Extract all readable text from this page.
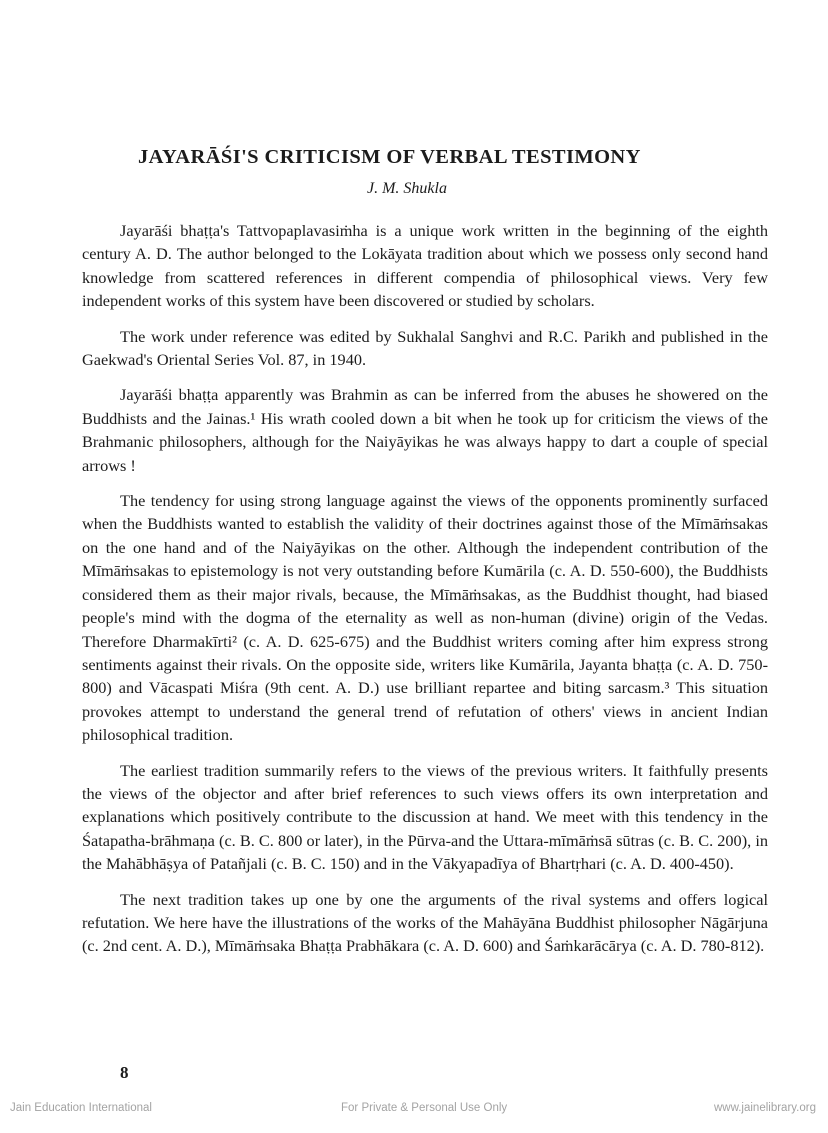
JAYARĀŚI'S CRITICISM OF VERBAL TESTIMONY
J. M. Shukla

Jayarāśi bhaṭṭa's Tattvopaplavasiṁha is a unique work written in the beginning of the eighth century A. D. The author belonged to the Lokāyata tradition about which we possess only second hand knowledge from scattered references in different compendia of philosophical views. Very few independent works of this system have been discovered or studied by scholars.

The work under reference was edited by Sukhalal Sanghvi and R.C. Parikh and published in the Gaekwad's Oriental Series Vol. 87, in 1940.

Jayarāśi bhaṭṭa apparently was Brahmin as can be inferred from the abuses he showered on the Buddhists and the Jainas.¹ His wrath cooled down a bit when he took up for criticism the views of the Brahmanic philosophers, although for the Naiyāyikas he was always happy to dart a couple of special arrows !

The tendency for using strong language against the views of the opponents prominently surfaced when the Buddhists wanted to establish the validity of their doctrines against those of the Mīmāṁsakas on the one hand and of the Naiyāyikas on the other. Although the independent contribution of the Mīmāṁsakas to epistemology is not very outstanding before Kumārila (c. A. D. 550-600), the Buddhists considered them as their major rivals, because, the Mīmāṁsakas, as the Buddhist thought, had biased people's mind with the dogma of the eternality as well as non-human (divine) origin of the Vedas. Therefore Dharmakīrti² (c. A. D. 625-675) and the Buddhist writers coming after him express strong sentiments against their rivals. On the opposite side, writers like Kumārila, Jayanta bhaṭṭa (c. A. D. 750-800) and Vācaspati Miśra (9th cent. A. D.) use brilliant repartee and biting sarcasm.³ This situation provokes attempt to understand the general trend of refutation of others' views in ancient Indian philosophical tradition.

The earliest tradition summarily refers to the views of the previous writers. It faithfully presents the views of the objector and after brief references to such views offers its own interpretation and explanations which positively contribute to the discussion at hand. We meet with this tendency in the Śatapatha-brāhmaṇa (c. B. C. 800 or later), in the Pūrva-and the Uttara-mīmāṁsā sūtras (c. B. C. 200), in the Mahābhāṣya of Patañjali (c. B. C. 150) and in the Vākyapadīya of Bhartṛhari (c. A. D. 400-450).

The next tradition takes up one by one the arguments of the rival systems and offers logical refutation. We here have the illustrations of the works of the Mahāyāna Buddhist philosopher Nāgārjuna (c. 2nd cent. A. D.), Mīmāṁsaka Bhaṭṭa Prabhākara (c. A. D. 600) and Śaṁkarācārya (c. A. D. 780-812).

8
Jain Education International	For Private & Personal Use Only	www.jainelibrary.org
